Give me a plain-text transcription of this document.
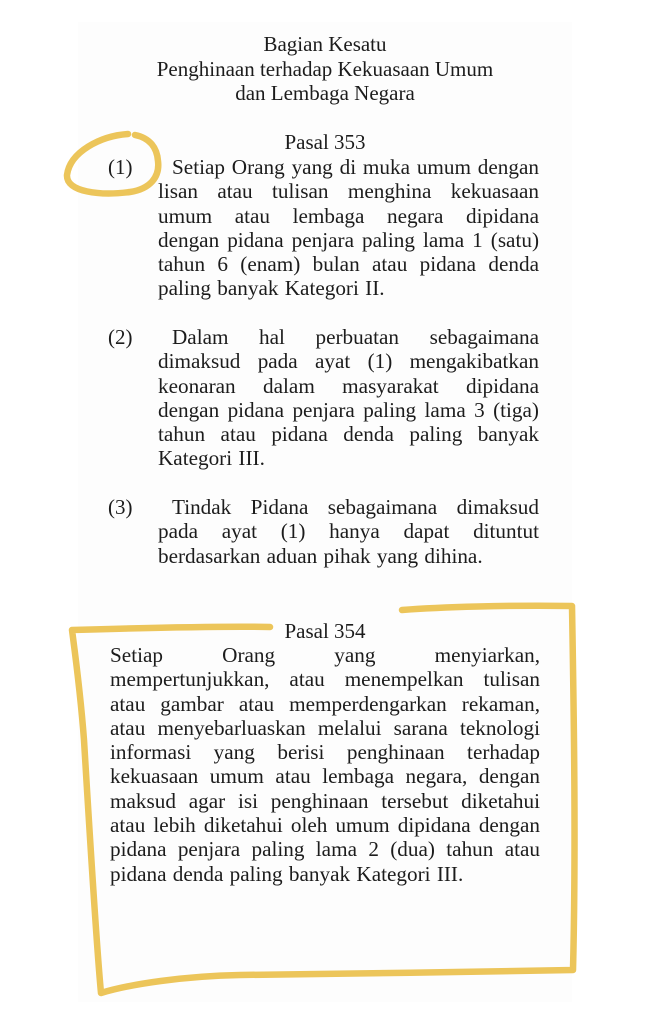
Bagian Kesatu
Penghinaan terhadap Kekuasaan Umum
dan Lembaga Negara
Pasal 353
(1)	Setiap Orang yang di muka umum dengan lisan atau tulisan menghina kekuasaan umum atau lembaga negara dipidana dengan pidana penjara paling lama 1 (satu) tahun 6 (enam) bulan atau pidana denda paling banyak Kategori II.
(2)	Dalam hal perbuatan sebagaimana dimaksud pada ayat (1) mengakibatkan keonaran dalam masyarakat dipidana dengan pidana penjara paling lama 3 (tiga) tahun atau pidana denda paling banyak Kategori III.
(3)	Tindak Pidana sebagaimana dimaksud pada ayat (1) hanya dapat dituntut berdasarkan aduan pihak yang dihina.
Pasal 354
Setiap Orang yang menyiarkan, mempertunjukkan, atau menempelkan tulisan atau gambar atau memperdengarkan rekaman, atau menyebarluaskan melalui sarana teknologi informasi yang berisi penghinaan terhadap kekuasaan umum atau lembaga negara, dengan maksud agar isi penghinaan tersebut diketahui atau lebih diketahui oleh umum dipidana dengan pidana penjara paling lama 2 (dua) tahun atau pidana denda paling banyak Kategori III.
